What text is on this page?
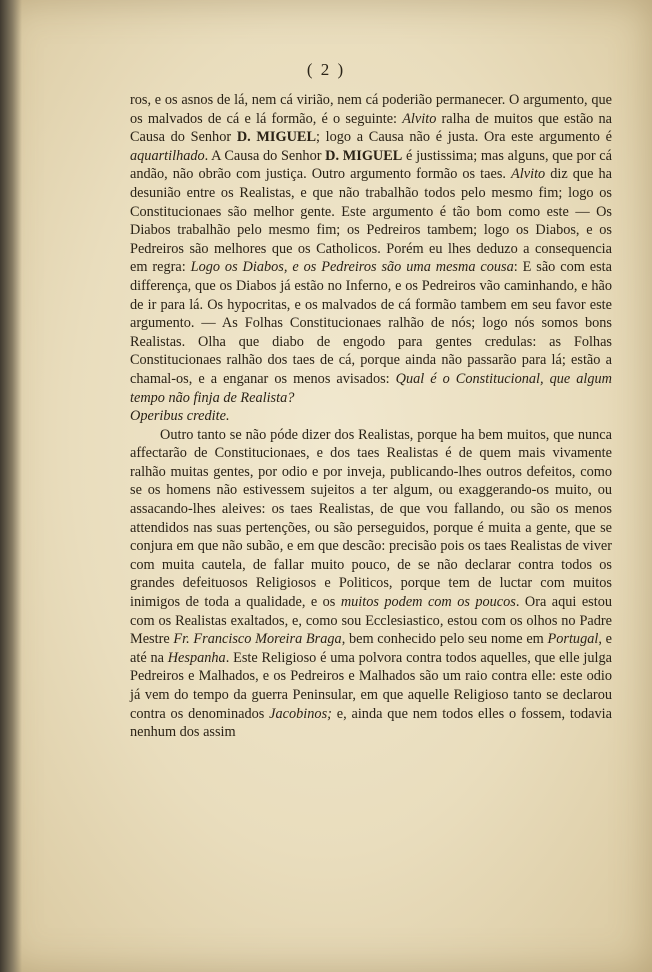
( 2 )

ros, e os asnos de lá, nem cá virião, nem cá poderião permanecer. O argumento, que os malvados de cá e lá formão, é o seguinte: Alvito ralha de muitos que estão na Causa do Senhor D. MIGUEL; logo a Causa não é justa. Ora este argumento é aquartilhado. A Causa do Senhor D. MIGUEL é justissima; mas alguns, que por cá andão, não obrão com justiça. Outro argumento formão os taes. Alvito diz que ha desunião entre os Realistas, e que não trabalhão todos pelo mesmo fim; logo os Constitucionaes são melhor gente. Este argumento é tão bom como este — Os Diabos trabalhão pelo mesmo fim; os Pedreiros tambem; logo os Diabos, e os Pedreiros são melhores que os Catholicos. Porém eu lhes deduzo a consequencia em regra: Logo os Diabos, e os Pedreiros são uma mesma cousa: E são com esta differença, que os Diabos já estão no Inferno, e os Pedreiros vão caminhando, e hão de ir para lá. Os hypocritas, e os malvados de cá formão tambem em seu favor este argumento. — As Folhas Constitucionaes ralhão de nós; logo nós somos bons Realistas. Olha que diabo de engodo para gentes credulas: as Folhas Constitucionaes ralhão dos taes de cá, porque ainda não passarão para lá; estão a chamal-os, e a enganar os menos avisados: Qual é o Constitucional, que algum tempo não finja de Realista?

Operibus credite.

Outro tanto se não póde dizer dos Realistas, porque ha bem muitos, que nunca affectarão de Constitucionaes, e dos taes Realistas é de quem mais vivamente ralhão muitas gentes, por odio e por inveja, publicando-lhes outros defeitos, como se os homens não estivessem sujeitos a ter algum, ou exaggerando-os muito, ou assacando-lhes aleives: os taes Realistas, de que vou fallando, ou são os menos attendidos nas suas pertenções, ou são perseguidos, porque é muita a gente, que se conjura em que não subão, e em que descão: precisão pois os taes Realistas de viver com muita cautela, de fallar muito pouco, de se não declarar contra todos os grandes defeituosos Religiosos e Politicos, porque tem de luctar com muitos inimigos de toda a qualidade, e os muitos podem com os poucos. Ora aqui estou com os Realistas exaltados, e, como sou Ecclesiastico, estou com os olhos no Padre Mestre Fr. Francisco Moreira Braga, bem conhecido pelo seu nome em Portugal, e até na Hespanha. Este Religioso é uma polvora contra todos aquelles, que elle julga Pedreiros e Malhados, e os Pedreiros e Malhados são um raio contra elle: este odio já vem do tempo da guerra Peninsular, em que aquelle Religioso tanto se declarou contra os denominados Jacobinos; e, ainda que nem todos elles o fossem, todavia nenhum dos assim
